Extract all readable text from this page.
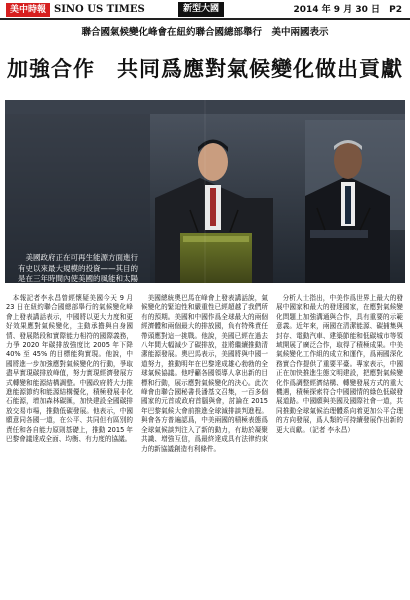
美中時報 SINO US TIMES	新型大國	2014 年 9 月 30 日 P2
聯合國氣候變化峰會在紐約聯合國總部舉行　美中兩國表示
加強合作　共同爲應對氣候變化做出貢獻

美國政府正在可再生能源方面進行有史以來最大規模的投資——其目的是在三年時間內使美國的風能和太陽

本報記者李永昌曾經懷疑美國今天 9 月 23 日在紐約聯合國總部舉行的氣候變化峰會上發表講話表示，中國將以更大力度和更好效果應對氣候變化，主動承擔與自身國情、發展階段和實際能力相符的國際義務，力爭 2020 年碳排放強度比 2005 年下降 40% 至 45% 的目標能夠實現。他說，中國將進一步加強應對氣候變化的行動，爭取盡早實現碳排放峰值，努力實現經濟發展方式轉變和能源結構調整。中國政府將大力推進能源節約和能源結構優化，積極發展非化石能源，增加森林碳匯，加快建設全國碳排放交易市場，推動低碳發展。他表示，中國願意同各國一道，在公平、共同但有區別的責任和各自能力原則基礎上，推動 2015 年巴黎會議達成全面、均衡、有力度的協議。

美國總統奧巴馬在峰會上發表講話說，氣候變化的緊迫性和嚴重性已經超越了我們所有的預期。美國和中國作爲全球最大的兩個經濟體和兩個最大的排放國，負有特殊責任帶頭應對這一挑戰。他說，美國已經在過去八年間大幅減少了碳排放，並將繼續推動清潔能源發展。奧巴馬表示，美國將與中國一道努力，推動明年在巴黎達成雄心勃勃的全球氣候協議。他呼籲各國領導人拿出新的目標和行動，展示應對氣候變化的決心。此次峰會由聯合國秘書長潘基文召集，一百多個國家的元首或政府首腦與會，討論在 2015 年巴黎氣候大會前推進全球減排談判進程。與會各方普遍認爲，中美兩國的積極表態爲全球氣候談判注入了新的動力，有助於凝聚共識、增強互信，爲最終達成具有法律約束力的新協議創造有利條件。

分析人士指出，中美作爲世界上最大的發展中國家和最大的發達國家，在應對氣候變化問題上加強溝通與合作，具有重要的示範意義。近年來，兩國在清潔能源、碳捕集與封存、電動汽車、建築節能和低碳城市等領域開展了廣泛合作，取得了積極成果。中美氣候變化工作組的成立和運作，爲兩國深化務實合作提供了重要平臺。專家表示，中國正在加快推進生態文明建設，把應對氣候變化作爲調整經濟結構、轉變發展方式的重大機遇，積極探索符合中國國情的綠色低碳發展道路。中國願與美國及國際社會一道，共同推動全球氣候治理體系向着更加公平合理的方向發展，爲人類的可持續發展作出新的更大貢獻。（記者 李永昌）
